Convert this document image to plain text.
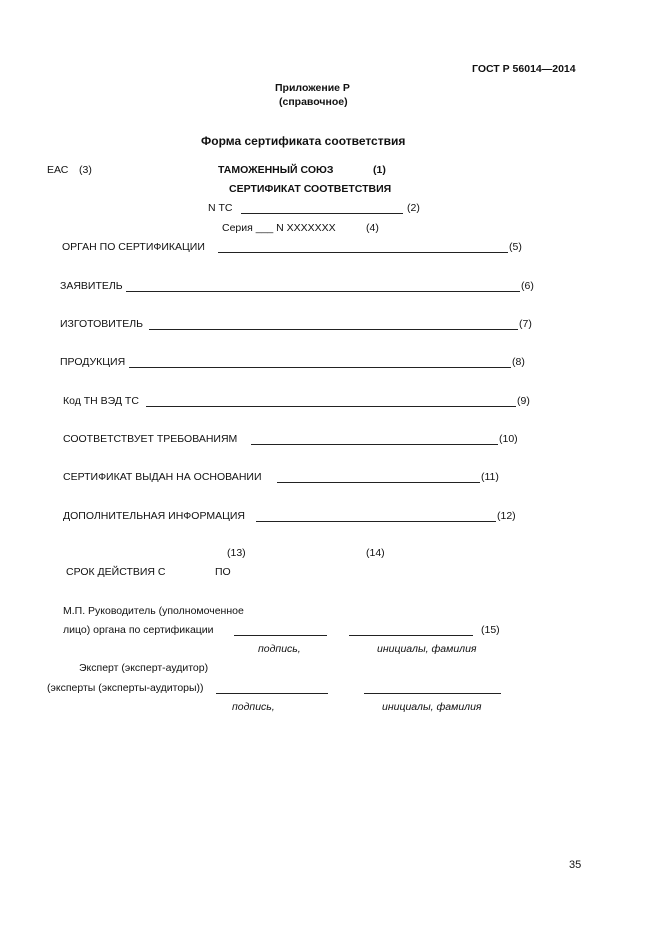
ГОСТ Р 56014—2014
Приложение Р
(справочное)
Форма сертификата соответствия
ЕАС (3)	ТАМОЖЕННЫЙ СОЮЗ	(1)
СЕРТИФИКАТ СООТВЕТСТВИЯ
N ТС	(2)
Серия ___ N ХХХХХХХ	(4)
ОРГАН ПО СЕРТИФИКАЦИИ	(5)
ЗАЯВИТЕЛЬ	(6)
ИЗГОТОВИТЕЛЬ	(7)
ПРОДУКЦИЯ	(8)
Код ТН ВЭД ТС	(9)
СООТВЕТСТВУЕТ ТРЕБОВАНИЯМ	(10)
СЕРТИФИКАТ ВЫДАН НА ОСНОВАНИИ	(11)
ДОПОЛНИТЕЛЬНАЯ ИНФОРМАЦИЯ	(12)
(13)	(14)
СРОК ДЕЙСТВИЯ С	ПО
М.П. Руководитель (уполномоченное
лицо) органа по сертификации	(15)
подпись,	инициалы, фамилия
Эксперт (эксперт-аудитор)
(эксперты (эксперты-аудиторы))
подпись,	инициалы, фамилия
35
